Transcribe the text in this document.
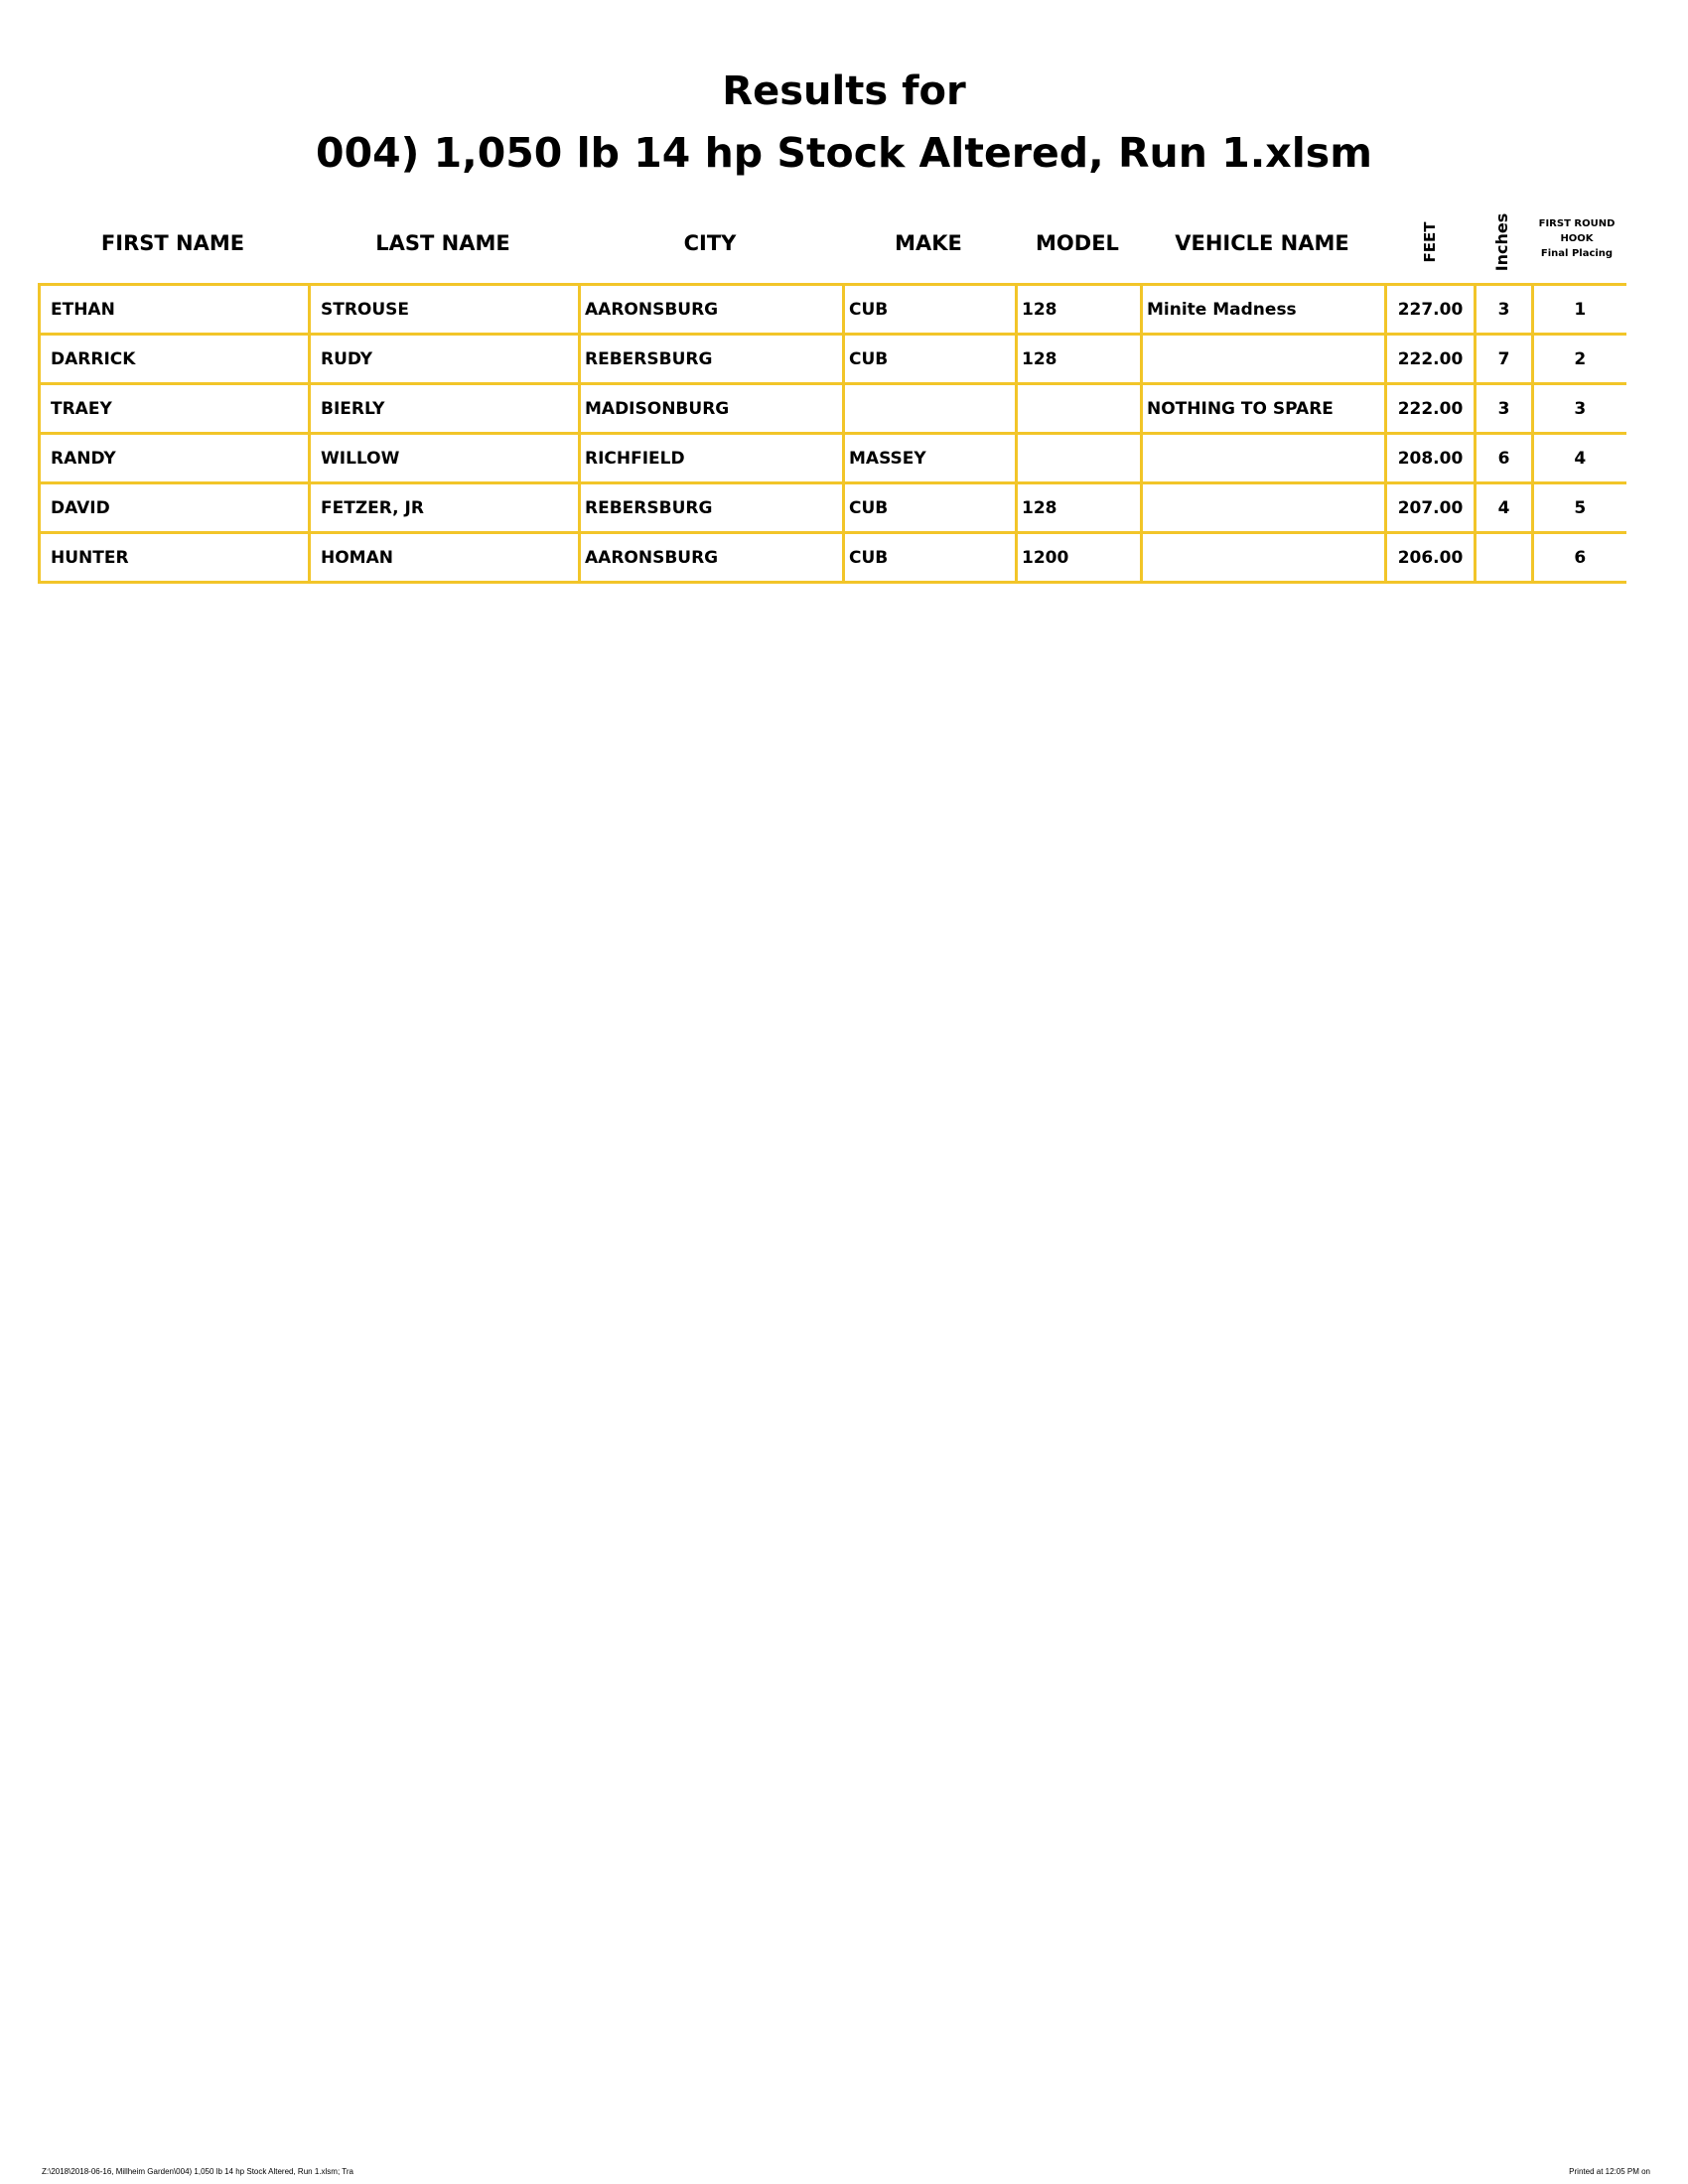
Results for
004) 1,050 lb 14 hp Stock Altered, Run 1.xlsm
FIRST NAME	LAST NAME	CITY	MAKE	MODEL	VEHICLE NAME	FEET	Inches	FIRST ROUND
HOOK
Final Placing
ETHAN	STROUSE	AARONSBURG	CUB	128	Minite Madness	227.00	3	1
DARRICK	RUDY	REBERSBURG	CUB	128		222.00	7	2
TRAEY	BIERLY	MADISONBURG			NOTHING TO SPARE	222.00	3	3
RANDY	WILLOW	RICHFIELD	MASSEY			208.00	6	4
DAVID	FETZER, JR	REBERSBURG	CUB	128		207.00	4	5
HUNTER	HOMAN	AARONSBURG	CUB	1200		206.00		6
Z:\2018\2018-06-16, Millheim Garden\004) 1,050 lb 14 hp Stock Altered, Run 1.xlsm; Tra	Printed at 12:05 PM on
